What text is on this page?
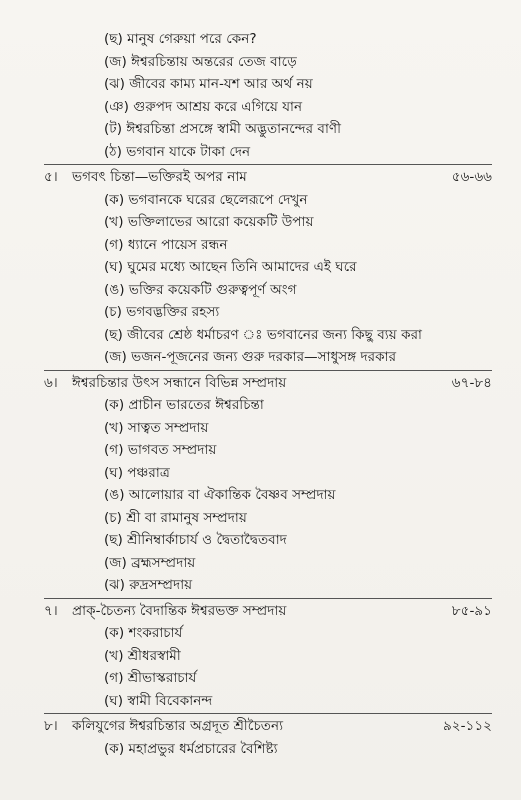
(ছ) মানুষ গেরুয়া পরে কেন?
(জ) ঈশ্বরচিন্তায় অন্তরের তেজ বাড়ে
(ঝ) জীবের কাম্য মান-যশ আর অর্থ নয়
(ঞ) গুরুপদ আশ্রয় করে এগিয়ে যান
(ট) ঈশ্বরচিন্তা প্রসঙ্গে স্বামী অদ্ভুতানন্দের বাণী
(ঠ) ভগবান যাকে টাকা দেন
৫। ভগবৎ চিন্তা—ভক্তিরই অপর নাম	৫৬-৬৬
(ক) ভগবানকে ঘরের ছেলেরূপে দেখুন
(খ) ভক্তিলাভের আরো কয়েকটি উপায়
(গ) ধ্যানে পায়েস রন্ধন
(ঘ) ঘুমের মধ্যে আছেন তিনি আমাদের এই ঘরে
(ঙ) ভক্তির কয়েকটি গুরুত্বপূর্ণ অংগ
(চ) ভগবদ্ভক্তির রহস্য
(ছ) জীবের শ্রেষ্ঠ ধর্মাচরণ ঃ ভগবানের জন্য কিছু ব্যয় করা
(জ) ভজন-পূজনের জন্য গুরু দরকার—সাধুসঙ্গ দরকার
৬। ঈশ্বরচিন্তার উৎস সন্ধানে বিভিন্ন সম্প্রদায়	৬৭-৮৪
(ক) প্রাচীন ভারতের ঈশ্বরচিন্তা
(খ) সাত্বত সম্প্রদায়
(গ) ভাগবত সম্প্রদায়
(ঘ) পঞ্চরাত্র
(ঙ) আলোয়ার বা ঐকান্তিক বৈষ্ণব সম্প্রদায়
(চ) শ্রী বা রামানুষ সম্প্রদায়
(ছ) শ্রীনিম্বার্কাচার্য ও দ্বৈতাদ্বৈতবাদ
(জ) ব্রহ্মসম্প্রদায়
(ঝ) রুদ্রসম্প্রদায়
৭। প্রাক্-চৈতন্য বৈদান্তিক ঈশ্বরভক্ত সম্প্রদায়	৮৫-৯১
(ক) শংকরাচার্য
(খ) শ্রীধরস্বামী
(গ) শ্রীভাস্করাচার্য
(ঘ) স্বামী বিবেকানন্দ
৮। কলিযুগের ঈশ্বরচিন্তার অগ্রদূত শ্রীচৈতন্য	৯২-১১২
(ক) মহাপ্রভুর ধর্মপ্রচারের বৈশিষ্ট্য
